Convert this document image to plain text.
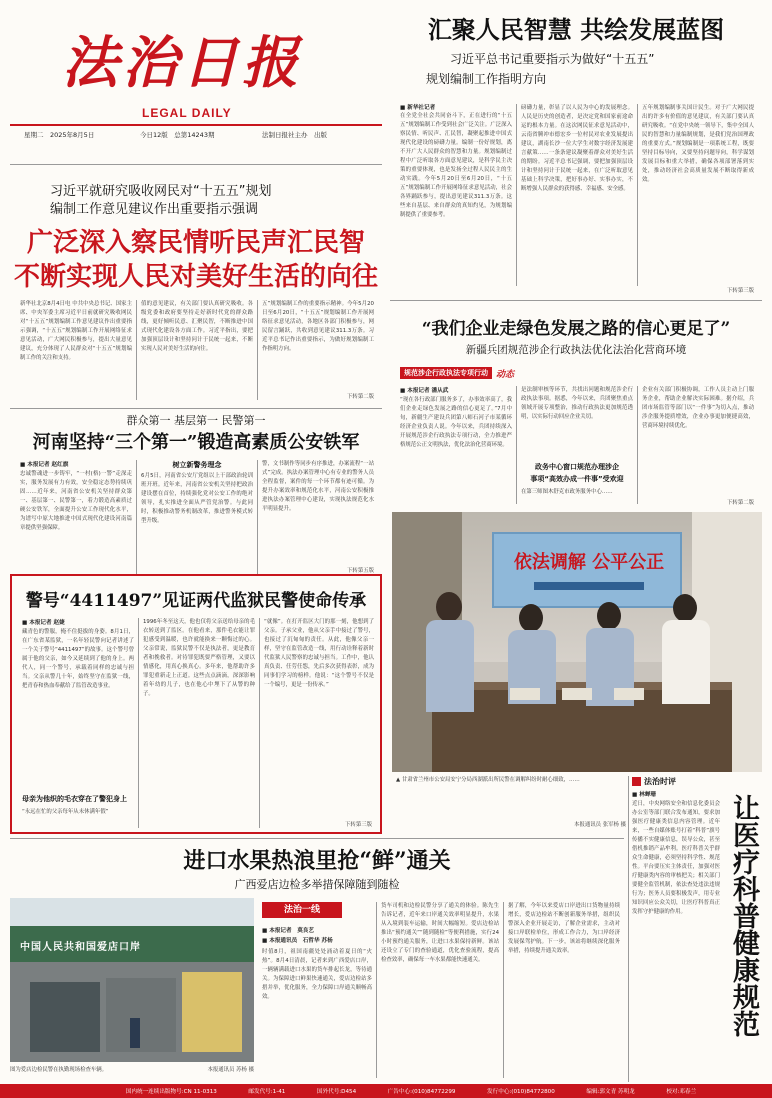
法治日报
LEGAL DAILY
星期二　2025年8月5日	今日12版　总第14243期	法制日报社主办　出版
汇聚人民智慧 共绘发展蓝图
习近平总书记重要指示为做好“十五五”
规划编制工作指明方向
■ 新华社记者
在全党全社会共同奋斗下，正在进行的“十五五”规划编制工作受到社会广泛关注。广泛深入察民情、听民声、汇民智，凝聚起推进中国式现代化建设的磅礴力量。编制一份好规划，离不开广大人民群众的智慧和力量。规划编制过程中广泛听取各方面意见建议，是科学民主决策的重要体现，也是发扬全过程人民民主的生动实践。今年5月20日至6月20日，“十五五”规划编制工作开展网络征求意见活动，社会各界踊跃参与，提出意见建议311.3万条。这些来自基层、来自群众的真知灼见，为规划编制提供了重要参考。
磅礴力量，彰显了以人民为中心的发展理念。人民是历史的创造者，是决定党和国家前途命运的根本力量。在这次网民征求意见活动中，云南省腾冲市德宏乡一位村民对农业发展提出建议，湖南长沙一位大学生对数字经济发展建言献策……一条条建议凝聚着群众对美好生活的期盼。习近平总书记强调，要把加强顶层设计和坚持问计于民统一起来，在广泛听取意见基础上科学决策，把好事办好、实事办实，不断增强人民群众的获得感、幸福感、安全感。
五年规划编制事关国计民生。对于广大网民提出的许多有价值的意见建议，有关部门要认真研究吸收。“在党中央统一领导下，集中全国人民的智慧和力量编制规划，是我们党治国理政的重要方式。”规划编制是一项系统工程，既要坚持目标导向，又要坚持问题导向，科学谋划发展目标和重大举措，确保各项部署落到实处，推动经济社会高质量发展不断取得新成效。
下转第三版
习近平就研究吸收网民对“十五五”规划
编制工作意见建议作出重要指示强调
广泛深入察民情听民声汇民智
不断实现人民对美好生活的向往
新华社北京8月4日电 中共中央总书记、国家主席、中央军委主席习近平日前就研究吸收网民对“十五五”规划编制工作意见建议作出重要指示强调，“十五五”规划编制工作开展网络征求意见活动，广大网民积极参与，提出大量意见建议，充分体现了人民群众对“十五五”规划编制工作的关注和支持。
值的意见建议，有关部门要认真研究吸收。各级党委和政府要坚持走好新时代党的群众路线，更好倾听民意、汇聚民智，不断推进中国式现代化建设各方面工作。习近平指出，要把加强顶层设计和坚持问计于民统一起来，不断实现人民对美好生活的向往。
五”规划编制工作的重要指示精神。今年5月20日至6月20日，“十五五”规划编制工作开展网络征求意见活动，各地区各部门积极参与，网民留言踊跃，共收到意见建议311.3万条。习近平总书记作出重要指示，为做好规划编制工作指明方向。
下转第二版
“我们企业走绿色发展之路的信心更足了”
新疆兵团规范涉企行政执法优化法治化营商环境
规范涉企行政执法专项行动 动态
■ 本报记者 潘从武
“现在各行政部门服务多了，办事效率高了，我们企业走绿色发展之路的信心更足了。”7月中旬，新疆生产建设兵团第八师石河子市某循环经济企业负责人说。今年以来，兵团持续深入开展规范涉企行政执法专项行动，全力推进严格规范公正文明执法，优化法治化营商环境。
是法制审核等环节，共找出问题和规范涉企行政执法事项。据悉，今年以来，兵团聚焦重点领域开展专项整治，推动行政执法更加规范透明，以实际行动回应企业关切。
政务中心窗口规范办理涉企
事项“高效办成一件事”受欢迎
在第三师图木舒克市政务服务中心……
企业有关部门积极协调，工作人员主动上门服务企业，帮助企业解决实际困难。据介绍，兵团市场监管等部门以“一件事”为切入点，推动涉企服务提质增效，企业办事更加便捷高效，营商环境持续优化。
下转第二版
群众第一 基层第一 民警第一
河南坚持“三个第一”锻造高素质公安铁军
■ 本报记者 赵红旗
忠诚警魂进一步铸牢，“一村(格)一警”走深走实，服务发展有力有效，安全稳定态势持续巩固……近年来，河南省公安机关坚持群众第一、基层第一、民警第一，着力锻造高素质过硬公安铁军，全面提升公安工作现代化水平，为谱写中原大地推进中国式现代化建设河南篇章提供坚强保障。
树立新警务理念
6月5日，河南省公安厅党组以上干部政治轮训班开班。近年来，河南省公安机关坚持把政治建设摆在首位，持续强化党对公安工作的绝对领导，扎实推进全面从严管党治警。与此同时，积极推动警务机制改革，推进警务模式转型升级。
警，文书制作等同步有序推进，办案流程“一站式”完成。执法办案管理中心有专业的警务人员全程监督，案件的每一个环节都有迹可循。为提升办案效率和规范化水平，河南公安积极推进执法办案管理中心建设，实现执法规范化水平明显提升。
下转第五版	依法调解 公平公正
▲ 甘肃省兰州市公安局安宁分局西湖派出所民警在调解纠纷时耐心细致，……
本报通讯员 张军杨 摄
法治时评
■ 林蝉珊
近日，中央网络安全和信息化委员会办公室等部门联合发布通知，要求加强医疗健康类信息内容管理。近年来，一些自媒体账号打着“科普”旗号传播不实健康信息，误导公众，甚至借机推销产品牟利。医疗科普关乎群众生命健康，必须坚持科学性、规范性。平台要压实主体责任，加强对医疗健康类内容的审核把关；相关部门要健全监管机制，依法查处违法违规行为；医务人员要积极发声，用专业知识回应公众关切，让医疗科普真正发挥守护健康的作用。	让医疗科普健康规范
警号“4411497”见证两代监狱民警使命传承
■ 本报记者 赵婕
藏青色的警服，掩不住挺拔的身姿。8月1日，在广东省某监狱，一名年轻民警向记者讲述了一个关于警号“4411497”的故事。这个警号曾属于他的父亲，如今又延续到了他的身上。两代人，同一个警号，承载着同样的忠诚与担当。父亲从警几十年，始终坚守在监狱一线，把青春和热血奉献给了监管改造事业。
母亲为他织的毛衣穿在了警犯身上
“永远在忙的父亲每年从未休满年假”
1996年冬至这天，他也仅将父亲送给母亲的毛衣转送到了监区。在他看来，那件毛衣能让罪犯感受到温暖，也许就能换来一颗悔过的心。父亲常说，监狱民警不仅是执法者，更是教育者和挽救者。对待罪犯既要严格管理，又要以情感化，用真心换真心。多年来，他帮助许多罪犯重新走上正道。这些点点滴滴，深深影响着年幼的儿子，也在他心中埋下了从警的种子。
“就像”。在打开监区大门的那一刻，他想到了父亲。子承父业，他从父亲手中接过了警号，也接过了沉甸甸的责任。从此，他像父亲一样，坚守在监管改造一线，用行动诠释着新时代监狱人民警察的忠诚与担当。工作中，他认真负责、任劳任怨，先后多次获得表彰，成为同事们学习的榜样。他说：“这个警号不仅是一个编号，更是一份传承。”
下转第三版
进口水果热浪里抢“鲜”通关
广西爱店边检多举措保障随到随检
中国人民共和国爱店口岸
图为爱店边检民警在执勤现场检查车辆。	本报通讯员 苏杨 摄
法治一线
■ 本报记者　莫良艺
■ 本报通讯员　石哲华 苏杨
时值8月，祖国南疆处处涌动着夏日的“火热”。8月4日清晨，记者来到广西爱店口岸，一辆辆满载进口水果的货车排起长龙，等待通关。为保障进口鲜果快速通关，爱店边检站多措并举，优化服务，全力保障口岸通关顺畅高效。
货车司机和边检民警分享了通关的体验。陈先生告诉记者，近年来口岸通关效率明显提升，水果从入境到装车运输，时间大幅缩短。爱店边检站推出“预约通关”“随到随检”等便利措施，实行24小时预约通关服务，让进口水果保持新鲜。该站还设立了专门的查验通道，优化查验流程，提高检查效率，确保每一车水果都能快速通关。
据了解，今年以来爱店口岸进出口货物量持续增长，爱店边检站不断创新服务举措，组织民警深入企业开展走访，了解企业需求，主动对接口岸联检单位，形成工作合力，为口岸经济发展保驾护航。下一步，该站将继续深化服务举措，持续提升通关效率。
国内统一连续出版物号:CN 11-0313	邮发代号:1-41	国外代号:D454	广告中心:(010)84772299	发行中心:(010)84772800	编辑:郭文青 苏明龙	校对:邓春兰
